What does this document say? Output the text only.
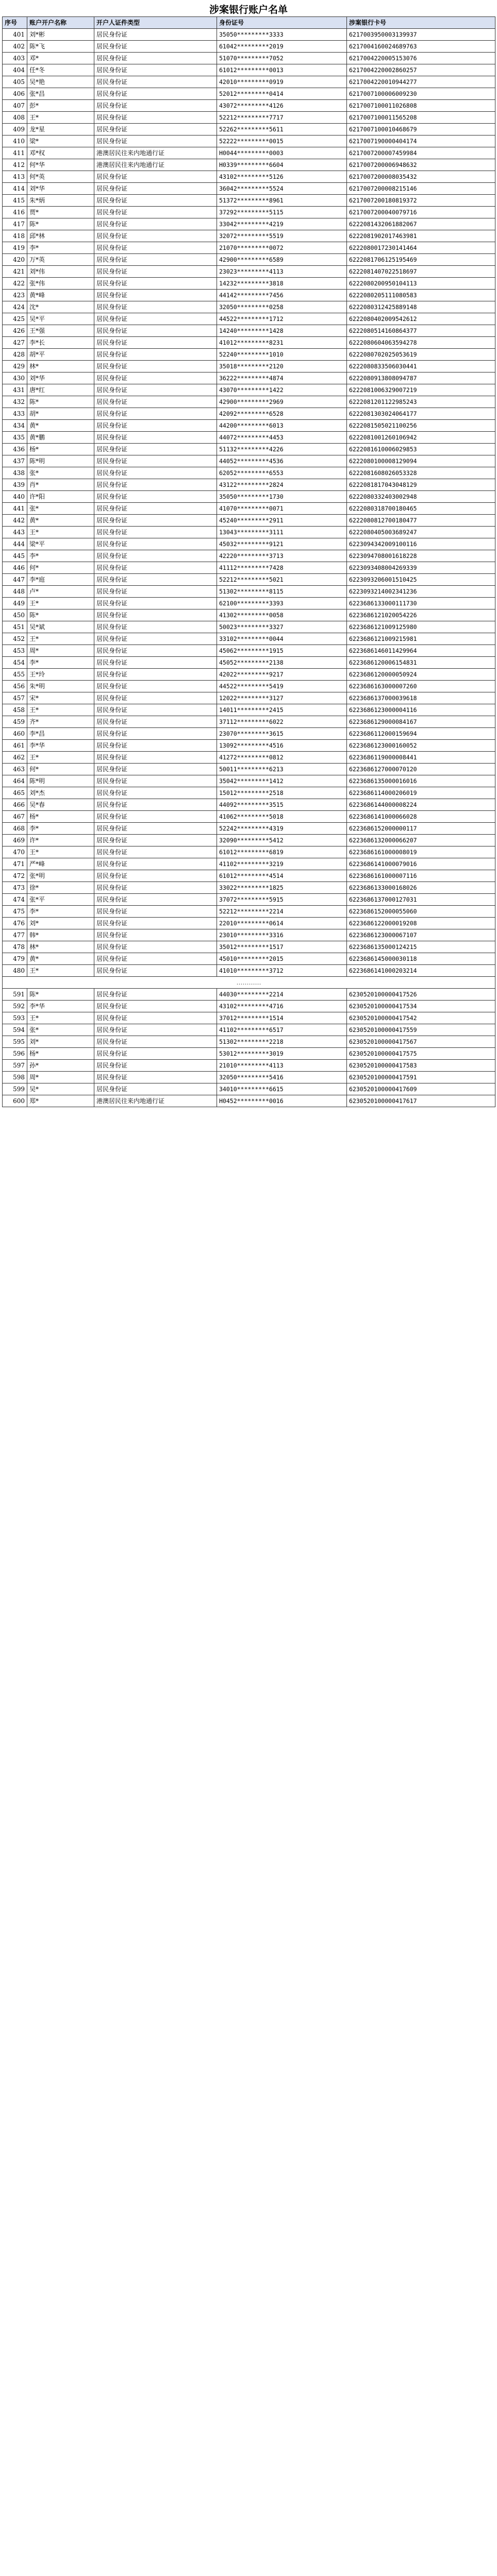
涉案银行账户名单
序号	账户开户名称	开户人证件类型	身份证号	涉案银行卡号
401	刘*彬	居民身份证	35050*********3333	6217003950003139937
402	陈*飞	居民身份证	61042*********2019	6217004160024689763
403	邓*	居民身份证	51070*********7052	6217004220005153076
404	任*冬	居民身份证	61012*********0013	6217004220002860257
405	吴*艳	居民身份证	42010*********0919	6217004220010944277
406	张*昌	居民身份证	52012*********0414	6217007100006009230
407	彭*	居民身份证	43072*********4126	6217007100011026808
408	王*	居民身份证	52212*********7717	6217007100011565208
409	龙*星	居民身份证	52262*********5611	6217007100010468679
410	梁*	居民身份证	52222*********0015	6217007190000404174
411	邓*权	港澳居民往来内地通行证	H0044*********0003	6217007200007459984
412	何*华	港澳居民往来内地通行证	H0339*********6604	6217007200006948632
413	何*英	居民身份证	43102*********5126	6217007200008035432
414	刘*华	居民身份证	36042*********5524	6217007200008215146
415	朱*炳	居民身份证	51372*********8961	6217007200180819372
416	贾*	居民身份证	37292*********5115	6217007200040079716
417	陈*	居民身份证	33042*********4219	6222081432061882067
418	邱*林	居民身份证	32072*********5519	6222081902017463981
419	李*	居民身份证	21070*********0072	6222080017230141464
420	万*英	居民身份证	42900*********6589	6222081706125195469
421	刘*伟	居民身份证	23023*********4113	6222081407022518697
422	张*伟	居民身份证	14232*********3818	6222080200950104113
423	黄*峰	居民身份证	44142*********7456	6222080205111080583
424	沈*	居民身份证	32050*********0258	6222080312425889148
425	吴*平	居民身份证	44522*********1712	6222080402009542612
426	王*强	居民身份证	14240*********1428	6222080514160864377
427	李*长	居民身份证	41012*********8231	6222080604063594278
428	胡*平	居民身份证	52240*********1010	6222080702025053619
429	林*	居民身份证	35018*********2120	6222080833506030441
430	刘*华	居民身份证	36222*********4874	6222080913808094787
431	唐*红	居民身份证	43070*********1422	6222081006329007219
432	陈*	居民身份证	42900*********2969	6222081201122985243
433	胡*	居民身份证	42092*********6528	6222081303024064177
434	黄*	居民身份证	44200*********6013	6222081505021100256
435	黄*鹏	居民身份证	44072*********4453	6222081001260106942
436	杨*	居民身份证	51132*********4226	6222081610006029853
437	陈*明	居民身份证	44052*********4536	6222080100008129094
438	张*	居民身份证	62052*********6553	6222081608026053328
439	肖*	居民身份证	43122*********2824	6222081817043048129
440	许*阳	居民身份证	35050*********1730	6222080332403002948
441	张*	居民身份证	41070*********0071	6222080318700180465
442	黄*	居民身份证	45240*********2911	6222080812700180477
443	王*	居民身份证	13043*********3111	6222080405003689247
444	梁*平	居民身份证	45032*********9121	6223094342009100116
445	李*	居民身份证	42220*********3713	6223094708001618228
446	何*	居民身份证	41112*********7428	6223093408004269339
447	李*庭	居民身份证	52212*********5021	6223093206001510425
448	卢*	居民身份证	51302*********8115	6223093214002341236
449	王*	居民身份证	62100*********3393	6223686133000111730
450	陈*	居民身份证	41302*********0058	6223686121020054226
451	吴*斌	居民身份证	50023*********3327	6223686121009125980
452	王*	居民身份证	33102*********0044	6223686121009215981
453	周*	居民身份证	45062*********1915	6223686146011429964
454	李*	居民身份证	45052*********2138	6223686120006154831
455	王*玲	居民身份证	42022*********9217	6223686120000050924
456	朱*明	居民身份证	44522*********5419	6223686163000007260
457	宋*	居民身份证	12022*********3127	6223686137000039618
458	王*	居民身份证	14011*********2415	6223686123000004116
459	齐*	居民身份证	37112*********6022	6223686129000084167
460	李*昌	居民身份证	23070*********3615	6223686112000159694
461	李*华	居民身份证	13092*********4516	6223686123000160052
462	王*	居民身份证	41272*********0812	6223686119000008441
463	何*	居民身份证	50011*********6213	6223686127000070120
464	陈*明	居民身份证	35042*********1412	6223686135000016016
465	刘*杰	居民身份证	15012*********2518	6223686114000206019
466	吴*春	居民身份证	44092*********3515	6223686144000008224
467	杨*	居民身份证	41062*********5018	6223686141000066028
468	李*	居民身份证	52242*********4319	6223686152000000117
469	许*	居民身份证	32090*********5412	6223686132000066207
470	王*	居民身份证	61012*********6819	6223686161000008019
471	严*峰	居民身份证	41102*********3219	6223686141000079016
472	张*明	居民身份证	61012*********4514	6223686161000007116
473	徐*	居民身份证	33022*********1825	6223686133000168026
474	张*平	居民身份证	37072*********5915	6223686137000127031
475	李*	居民身份证	52212*********2214	6223686152000055060
476	刘*	居民身份证	22010*********0614	6223686122000019208
477	韩*	居民身份证	23010*********3316	6223686123000067107
478	林*	居民身份证	35012*********1517	6223686135000124215
479	黄*	居民身份证	45010*********2015	6223686145000030118
480	王*	居民身份证	41010*********3712	6223686141000203214
…………				
591	陈*	居民身份证	44030*********2214	6230520100000417526
592	李*华	居民身份证	43102*********4716	6230520100000417534
593	王*	居民身份证	37012*********1514	6230520100000417542
594	张*	居民身份证	41102*********6517	6230520100000417559
595	刘*	居民身份证	51302*********2218	6230520100000417567
596	杨*	居民身份证	53012*********3019	6230520100000417575
597	孙*	居民身份证	21010*********4113	6230520100000417583
598	周*	居民身份证	32050*********5416	6230520100000417591
599	吴*	居民身份证	34010*********6615	6230520100000417609
600	郑*	港澳居民往来内地通行证	H0452*********0016	6230520100000417617
